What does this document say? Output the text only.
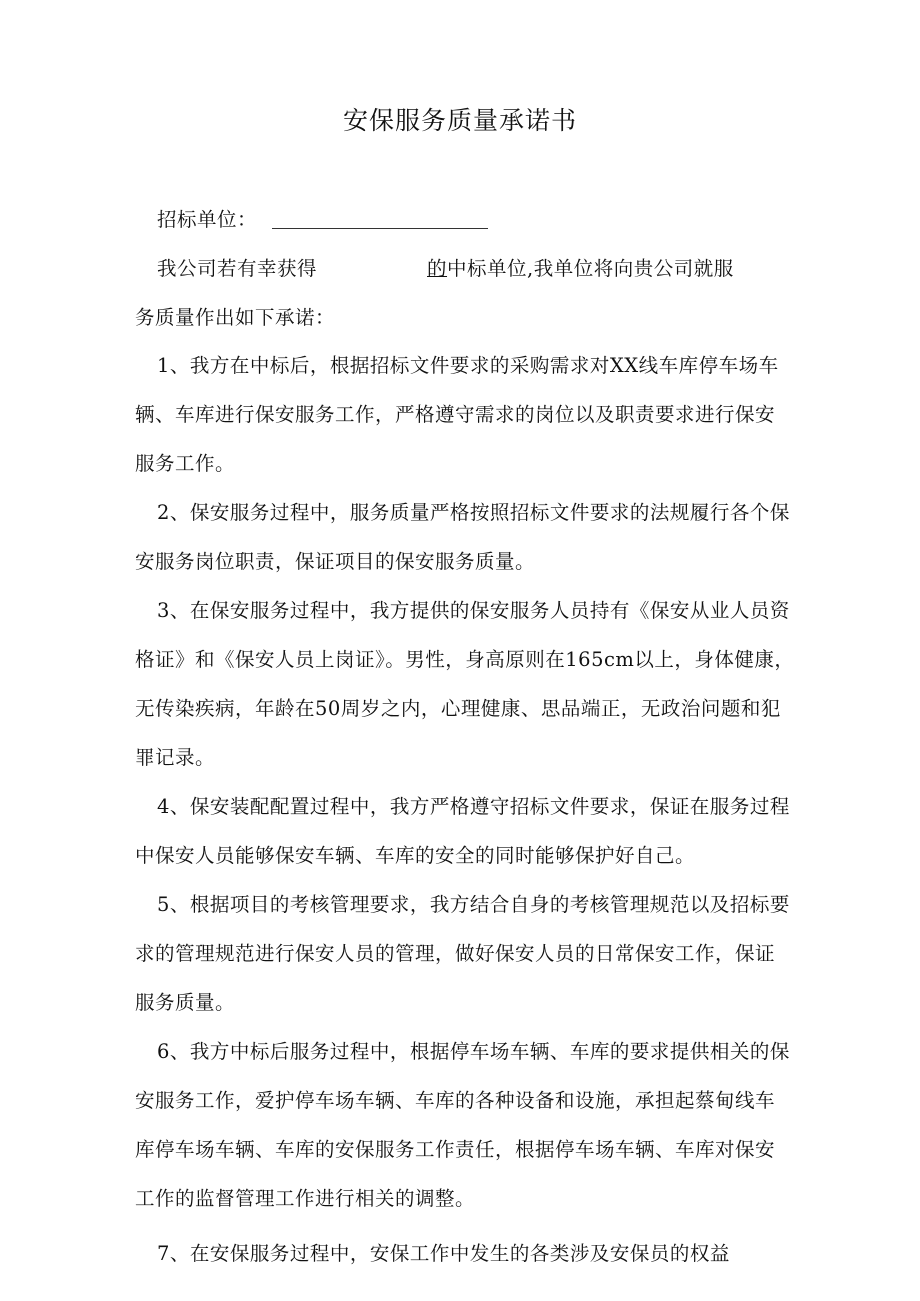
安保服务质量承诺书
招标单位：
我公司若有幸获得	的中标单位,我单位将向贵公司就服
务质量作出如下承诺：
1、我方在中标后，根据招标文件要求的采购需求对XX线车库停车场车
辆、车库进行保安服务工作，严格遵守需求的岗位以及职责要求进行保安
服务工作。
2、保安服务过程中，服务质量严格按照招标文件要求的法规履行各个保
安服务岗位职责，保证项目的保安服务质量。
3、在保安服务过程中，我方提供的保安服务人员持有《保安从业人员资
格证》和《保安人员上岗证》。男性，身高原则在165cm以上，身体健康，
无传染疾病，年龄在50周岁之内，心理健康、思品端正，无政治问题和犯
罪记录。
4、保安装配配置过程中，我方严格遵守招标文件要求，保证在服务过程
中保安人员能够保安车辆、车库的安全的同时能够保护好自己。
5、根据项目的考核管理要求，我方结合自身的考核管理规范以及招标要
求的管理规范进行保安人员的管理，做好保安人员的日常保安工作，保证
服务质量。
6、我方中标后服务过程中，根据停车场车辆、车库的要求提供相关的保
安服务工作，爱护停车场车辆、车库的各种设备和设施，承担起蔡甸线车
库停车场车辆、车库的安保服务工作责任，根据停车场车辆、车库对保安
工作的监督管理工作进行相关的调整。
7、在安保服务过程中，安保工作中发生的各类涉及安保员的权益
